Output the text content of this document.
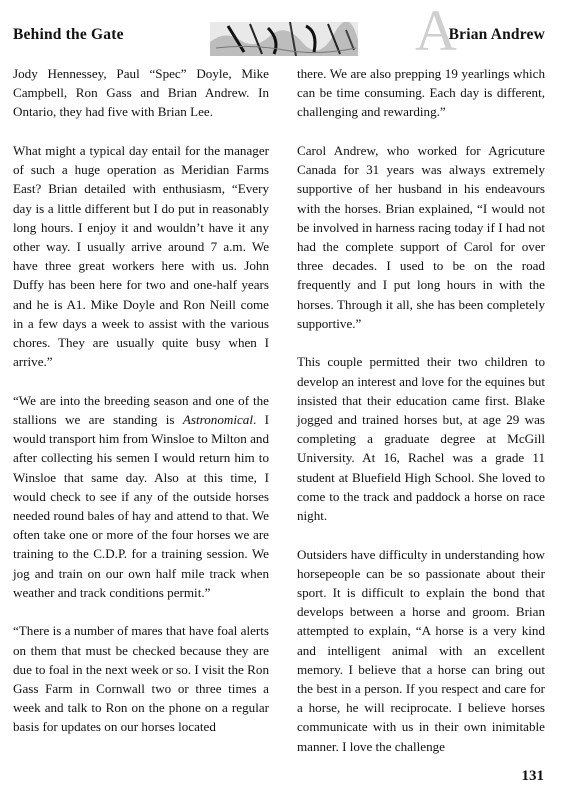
Behind the Gate	A
Brian Andrew

Jody Hennessey, Paul “Spec” Doyle, Mike Campbell, Ron Gass and Brian Andrew. In Ontario, they had five with Brian Lee.

What might a typical day entail for the manager of such a huge operation as Meridian Farms East? Brian detailed with enthusiasm, “Every day is a little different but I do put in reasonably long hours. I enjoy it and wouldn’t have it any other way. I usually arrive around 7 a.m. We have three great workers here with us. John Duffy has been here for two and one-half years and he is A1. Mike Doyle and Ron Neill come in a few days a week to assist with the various chores. They are usually quite busy when I arrive.”

“We are into the breeding season and one of the stallions we are standing is Astronomical. I would transport him from Winsloe to Milton and after collecting his semen I would return him to Winsloe that same day. Also at this time, I would check to see if any of the outside horses needed round bales of hay and attend to that. We often take one or more of the four horses we are training to the C.D.P. for a training session. We jog and train on our own half mile track when weather and track conditions permit.”

“There is a number of mares that have foal alerts on them that must be checked because they are due to foal in the next week or so. I visit the Ron Gass Farm in Cornwall two or three times a week and talk to Ron on the phone on a regular basis for updates on our horses located

there. We are also prepping 19 yearlings which can be time consuming. Each day is different, challenging and rewarding.”

Carol Andrew, who worked for Agricuture Canada for 31 years was always extremely supportive of her husband in his endeavours with the horses. Brian explained, “I would not be involved in harness racing today if I had not had the complete support of Carol for over three decades. I used to be on the road frequently and I put long hours in with the horses. Through it all, she has been completely supportive.”

This couple permitted their two children to develop an interest and love for the equines but insisted that their education came first. Blake jogged and trained horses but, at age 29 was completing a graduate degree at McGill University. At 16, Rachel was a grade 11 student at Bluefield High School. She loved to come to the track and paddock a horse on race night.

Outsiders have difficulty in understanding how horsepeople can be so passionate about their sport. It is difficult to explain the bond that develops between a horse and groom. Brian attempted to explain, “A horse is a very kind and intelligent animal with an excellent memory. I believe that a horse can bring out the best in a person. If you respect and care for a horse, he will reciprocate. I believe horses communicate with us in their own inimitable manner. I love the challenge

131
